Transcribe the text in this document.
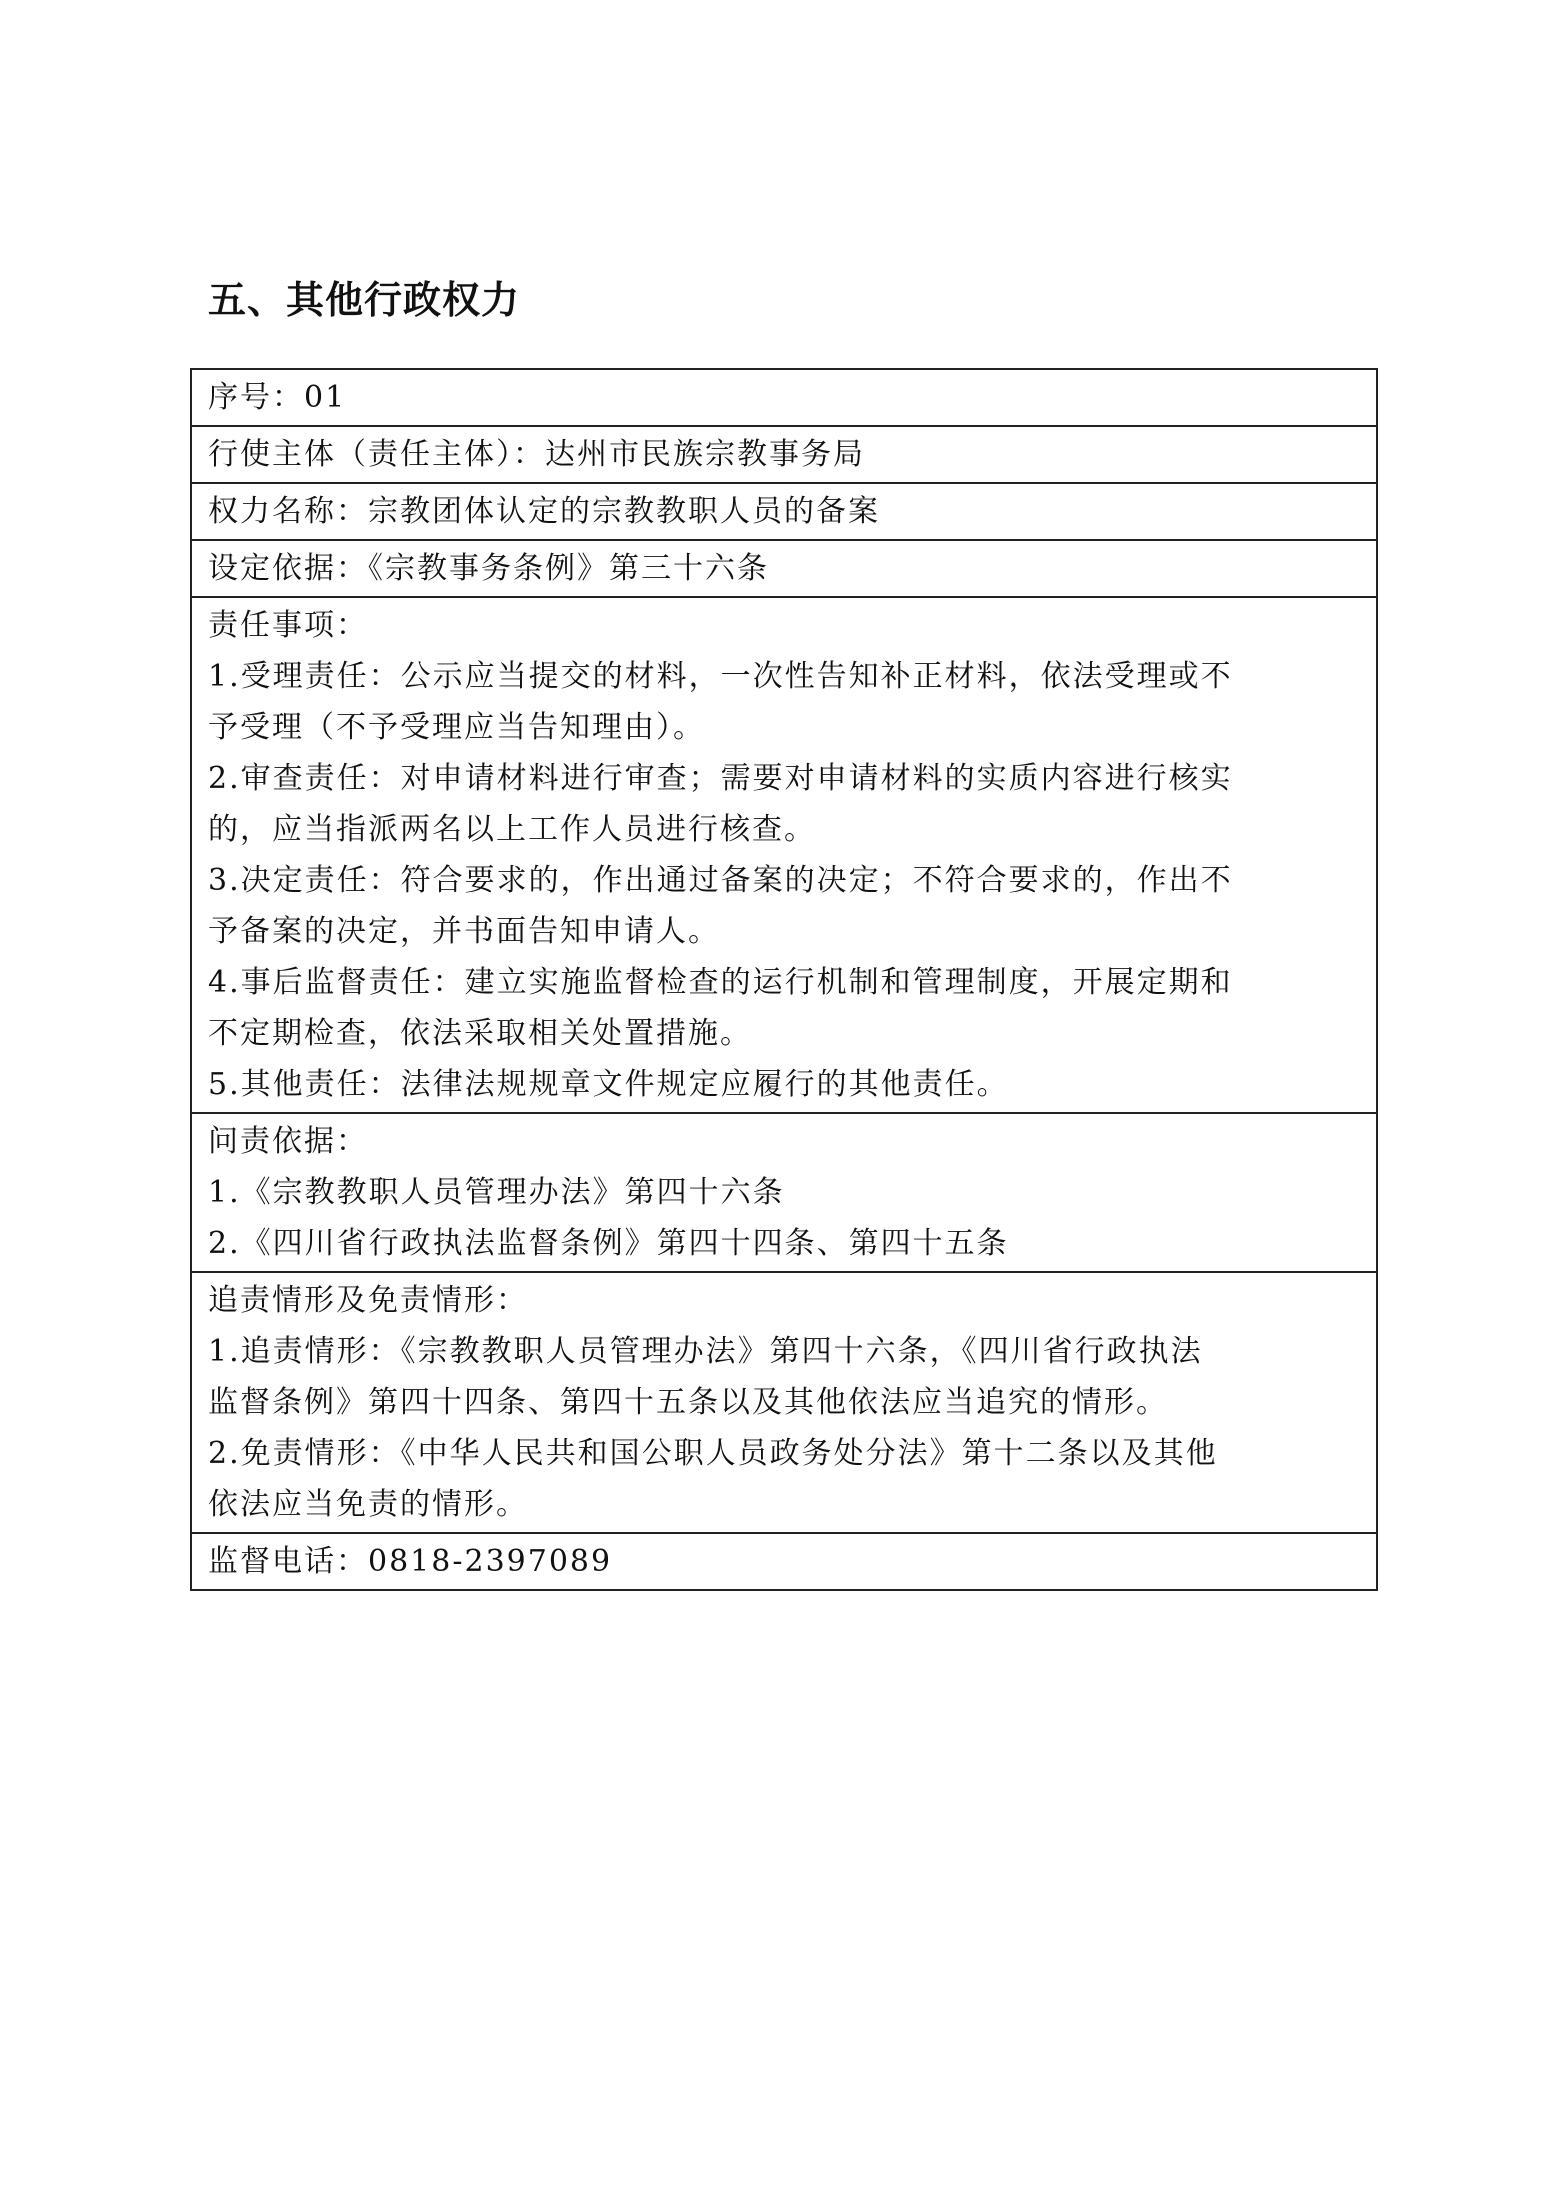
五、其他行政权力
序号：01
行使主体（责任主体）：达州市民族宗教事务局
权力名称：宗教团体认定的宗教教职人员的备案
设定依据：《宗教事务条例》第三十六条

责任事项：
1.受理责任：公示应当提交的材料，一次性告知补正材料，依法受理或不
予受理（不予受理应当告知理由）。
2.审查责任：对申请材料进行审查；需要对申请材料的实质内容进行核实
的，应当指派两名以上工作人员进行核查。
3.决定责任：符合要求的，作出通过备案的决定；不符合要求的，作出不
予备案的决定，并书面告知申请人。
4.事后监督责任：建立实施监督检查的运行机制和管理制度，开展定期和
不定期检查，依法采取相关处置措施。
5.其他责任：法律法规规章文件规定应履行的其他责任。

问责依据：
1.《宗教教职人员管理办法》第四十六条
2.《四川省行政执法监督条例》第四十四条、第四十五条

追责情形及免责情形：
1.追责情形：《宗教教职人员管理办法》第四十六条，《四川省行政执法
监督条例》第四十四条、第四十五条以及其他依法应当追究的情形。
2.免责情形：《中华人民共和国公职人员政务处分法》第十二条以及其他
依法应当免责的情形。

监督电话：0818-2397089
